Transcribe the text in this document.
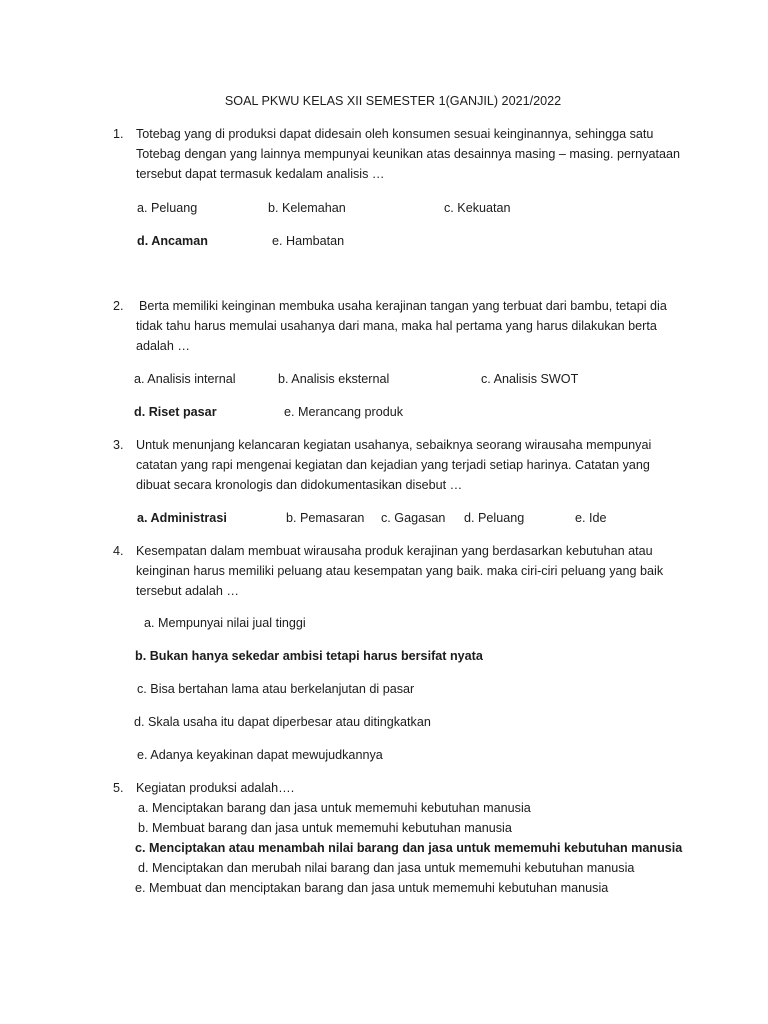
SOAL PKWU KELAS XII SEMESTER 1(GANJIL) 2021/2022
1. Totebag yang di produksi dapat didesain oleh konsumen sesuai keinginannya, sehingga satu
Totebag dengan yang lainnya mempunyai keunikan atas desainnya masing – masing. pernyataan
tersebut dapat termasuk kedalam analisis …
a. Peluang	b. Kelemahan	c. Kekuatan
d. Ancaman	e. Hambatan
2. Berta memiliki keinginan membuka usaha kerajinan tangan yang terbuat dari bambu, tetapi dia
tidak tahu harus memulai usahanya dari mana, maka hal pertama yang harus dilakukan berta
adalah …
a. Analisis internal	b. Analisis eksternal	c. Analisis SWOT
d. Riset pasar	e. Merancang produk
3. Untuk menunjang kelancaran kegiatan usahanya, sebaiknya seorang wirausaha mempunyai
catatan yang rapi mengenai kegiatan dan kejadian yang terjadi setiap harinya. Catatan yang
dibuat secara kronologis dan didokumentasikan disebut …
a. Administrasi	b. Pemasaran c. Gagasan d. Peluang	e. Ide
4. Kesempatan dalam membuat wirausaha produk kerajinan yang berdasarkan kebutuhan atau
keinginan harus memiliki peluang atau kesempatan yang baik. maka ciri-ciri peluang yang baik
tersebut adalah …
a. Mempunyai nilai jual tinggi
b. Bukan hanya sekedar ambisi tetapi harus bersifat nyata
c. Bisa bertahan lama atau berkelanjutan di pasar
d. Skala usaha itu dapat diperbesar atau ditingkatkan
e. Adanya keyakinan dapat mewujudkannya
5. Kegiatan produksi adalah….
a. Menciptakan barang dan jasa untuk mememuhi kebutuhan manusia
b. Membuat barang dan jasa untuk mememuhi kebutuhan manusia
c. Menciptakan atau menambah nilai barang dan jasa untuk mememuhi kebutuhan manusia
d. Menciptakan dan merubah nilai barang dan jasa untuk mememuhi kebutuhan manusia
e. Membuat dan menciptakan barang dan jasa untuk mememuhi kebutuhan manusia
